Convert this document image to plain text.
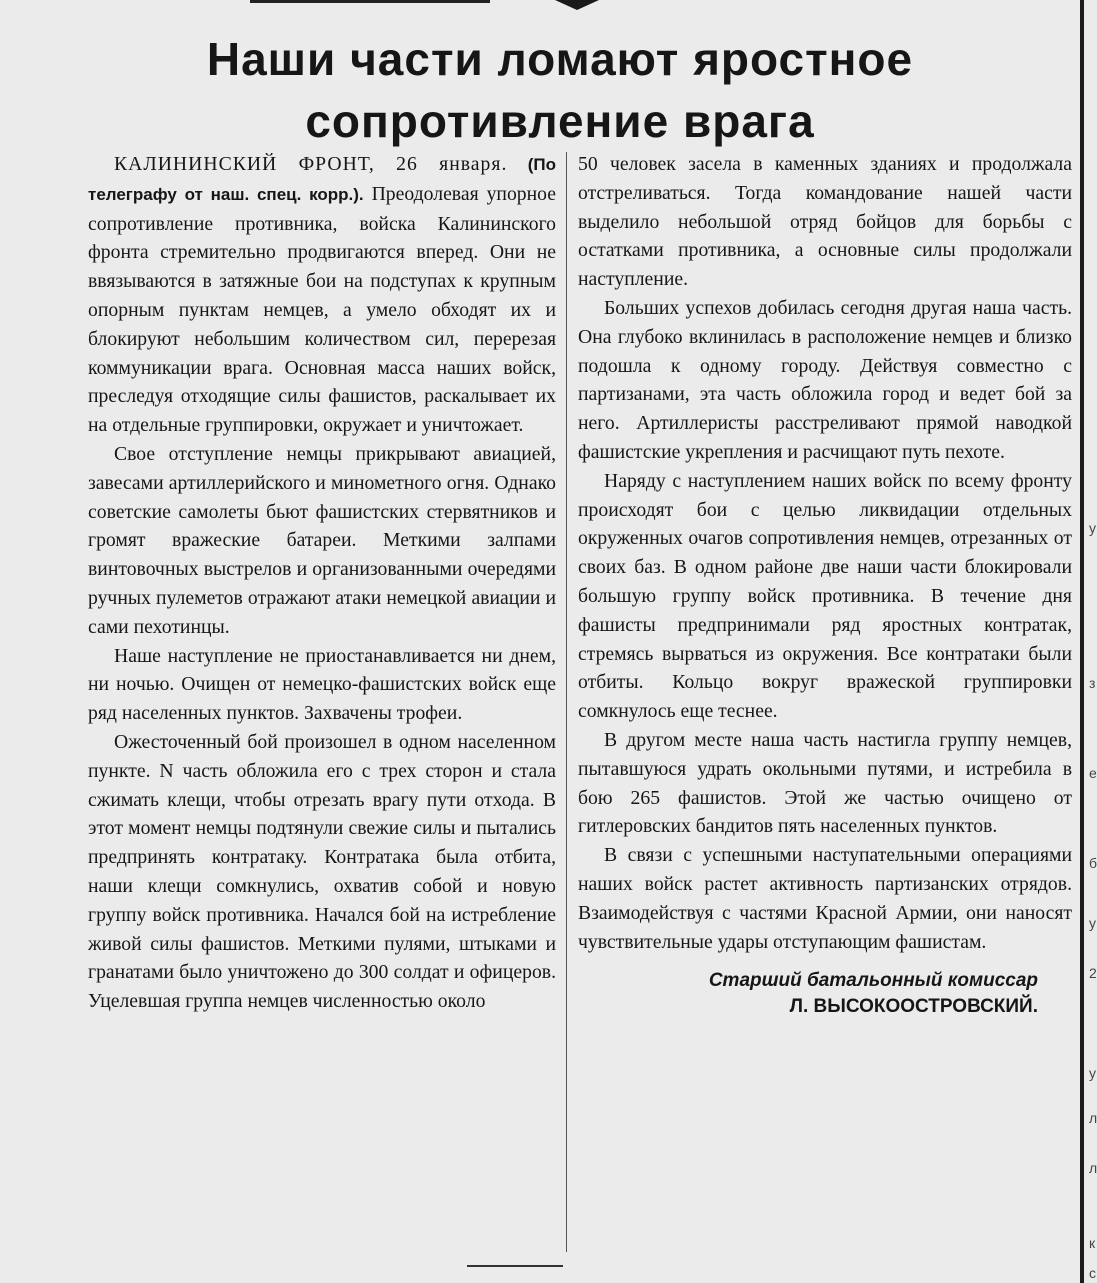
у
з
е
б
у
2
у
л
л
к
с
Наши части ломают яростное сопротивление врага

КАЛИНИНСКИЙ ФРОНТ, 26 января. (По телеграфу от наш. спец. корр.). Преодолевая упорное сопротивление противника, войска Калининского фронта стремительно продвигаются вперед. Они не ввязываются в затяжные бои на подступах к крупным опорным пунктам немцев, а умело обходят их и блокируют небольшим количеством сил, перерезая коммуникации врага. Основная масса наших войск, преследуя отходящие силы фашистов, раскалывает их на отдельные группировки, окружает и уничтожает.

Свое отступление немцы прикрывают авиацией, завесами артиллерийского и минометного огня. Однако советские самолеты бьют фашистских стервятников и громят вражеские батареи. Меткими залпами винтовочных выстрелов и организованными очередями ручных пулеметов отражают атаки немецкой авиации и сами пехотинцы.

Наше наступление не приостанавливается ни днем, ни ночью. Очищен от немецко-фашистских войск еще ряд населенных пунктов. Захвачены трофеи.

Ожесточенный бой произошел в одном населенном пункте. N часть обложила его с трех сторон и стала сжимать клещи, чтобы отрезать врагу пути отхода. В этот момент немцы подтянули свежие силы и пытались предпринять контратаку. Контратака была отбита, наши клещи сомкнулись, охватив собой и новую группу войск противника. Начался бой на истребление живой силы фашистов. Меткими пулями, штыками и гранатами было уничтожено до 300 солдат и офицеров. Уцелевшая группа немцев численностью около

50 человек засела в каменных зданиях и продолжала отстреливаться. Тогда командование нашей части выделило небольшой отряд бойцов для борьбы с остатками противника, а основные силы продолжали наступление.

Больших успехов добилась сегодня другая наша часть. Она глубоко вклинилась в расположение немцев и близко подошла к одному городу. Действуя совместно с партизанами, эта часть обложила город и ведет бой за него. Артиллеристы расстреливают прямой наводкой фашистские укрепления и расчищают путь пехоте.

Наряду с наступлением наших войск по всему фронту происходят бои с целью ликвидации отдельных окруженных очагов сопротивления немцев, отрезанных от своих баз. В одном районе две наши части блокировали большую группу войск противника. В течение дня фашисты предпринимали ряд яростных контратак, стремясь вырваться из окружения. Все контратаки были отбиты. Кольцо вокруг вражеской группировки сомкнулось еще теснее.

В другом месте наша часть настигла группу немцев, пытавшуюся удрать окольными путями, и истребила в бою 265 фашистов. Этой же частью очищено от гитлеровских бандитов пять населенных пунктов.

В связи с успешными наступательными операциями наших войск растет активность партизанских отрядов. Взаимодействуя с частями Красной Армии, они наносят чувствительные удары отступающим фашистам.

Старший батальонный комиссар
Л. ВЫСОКООСТРОВСКИЙ.
